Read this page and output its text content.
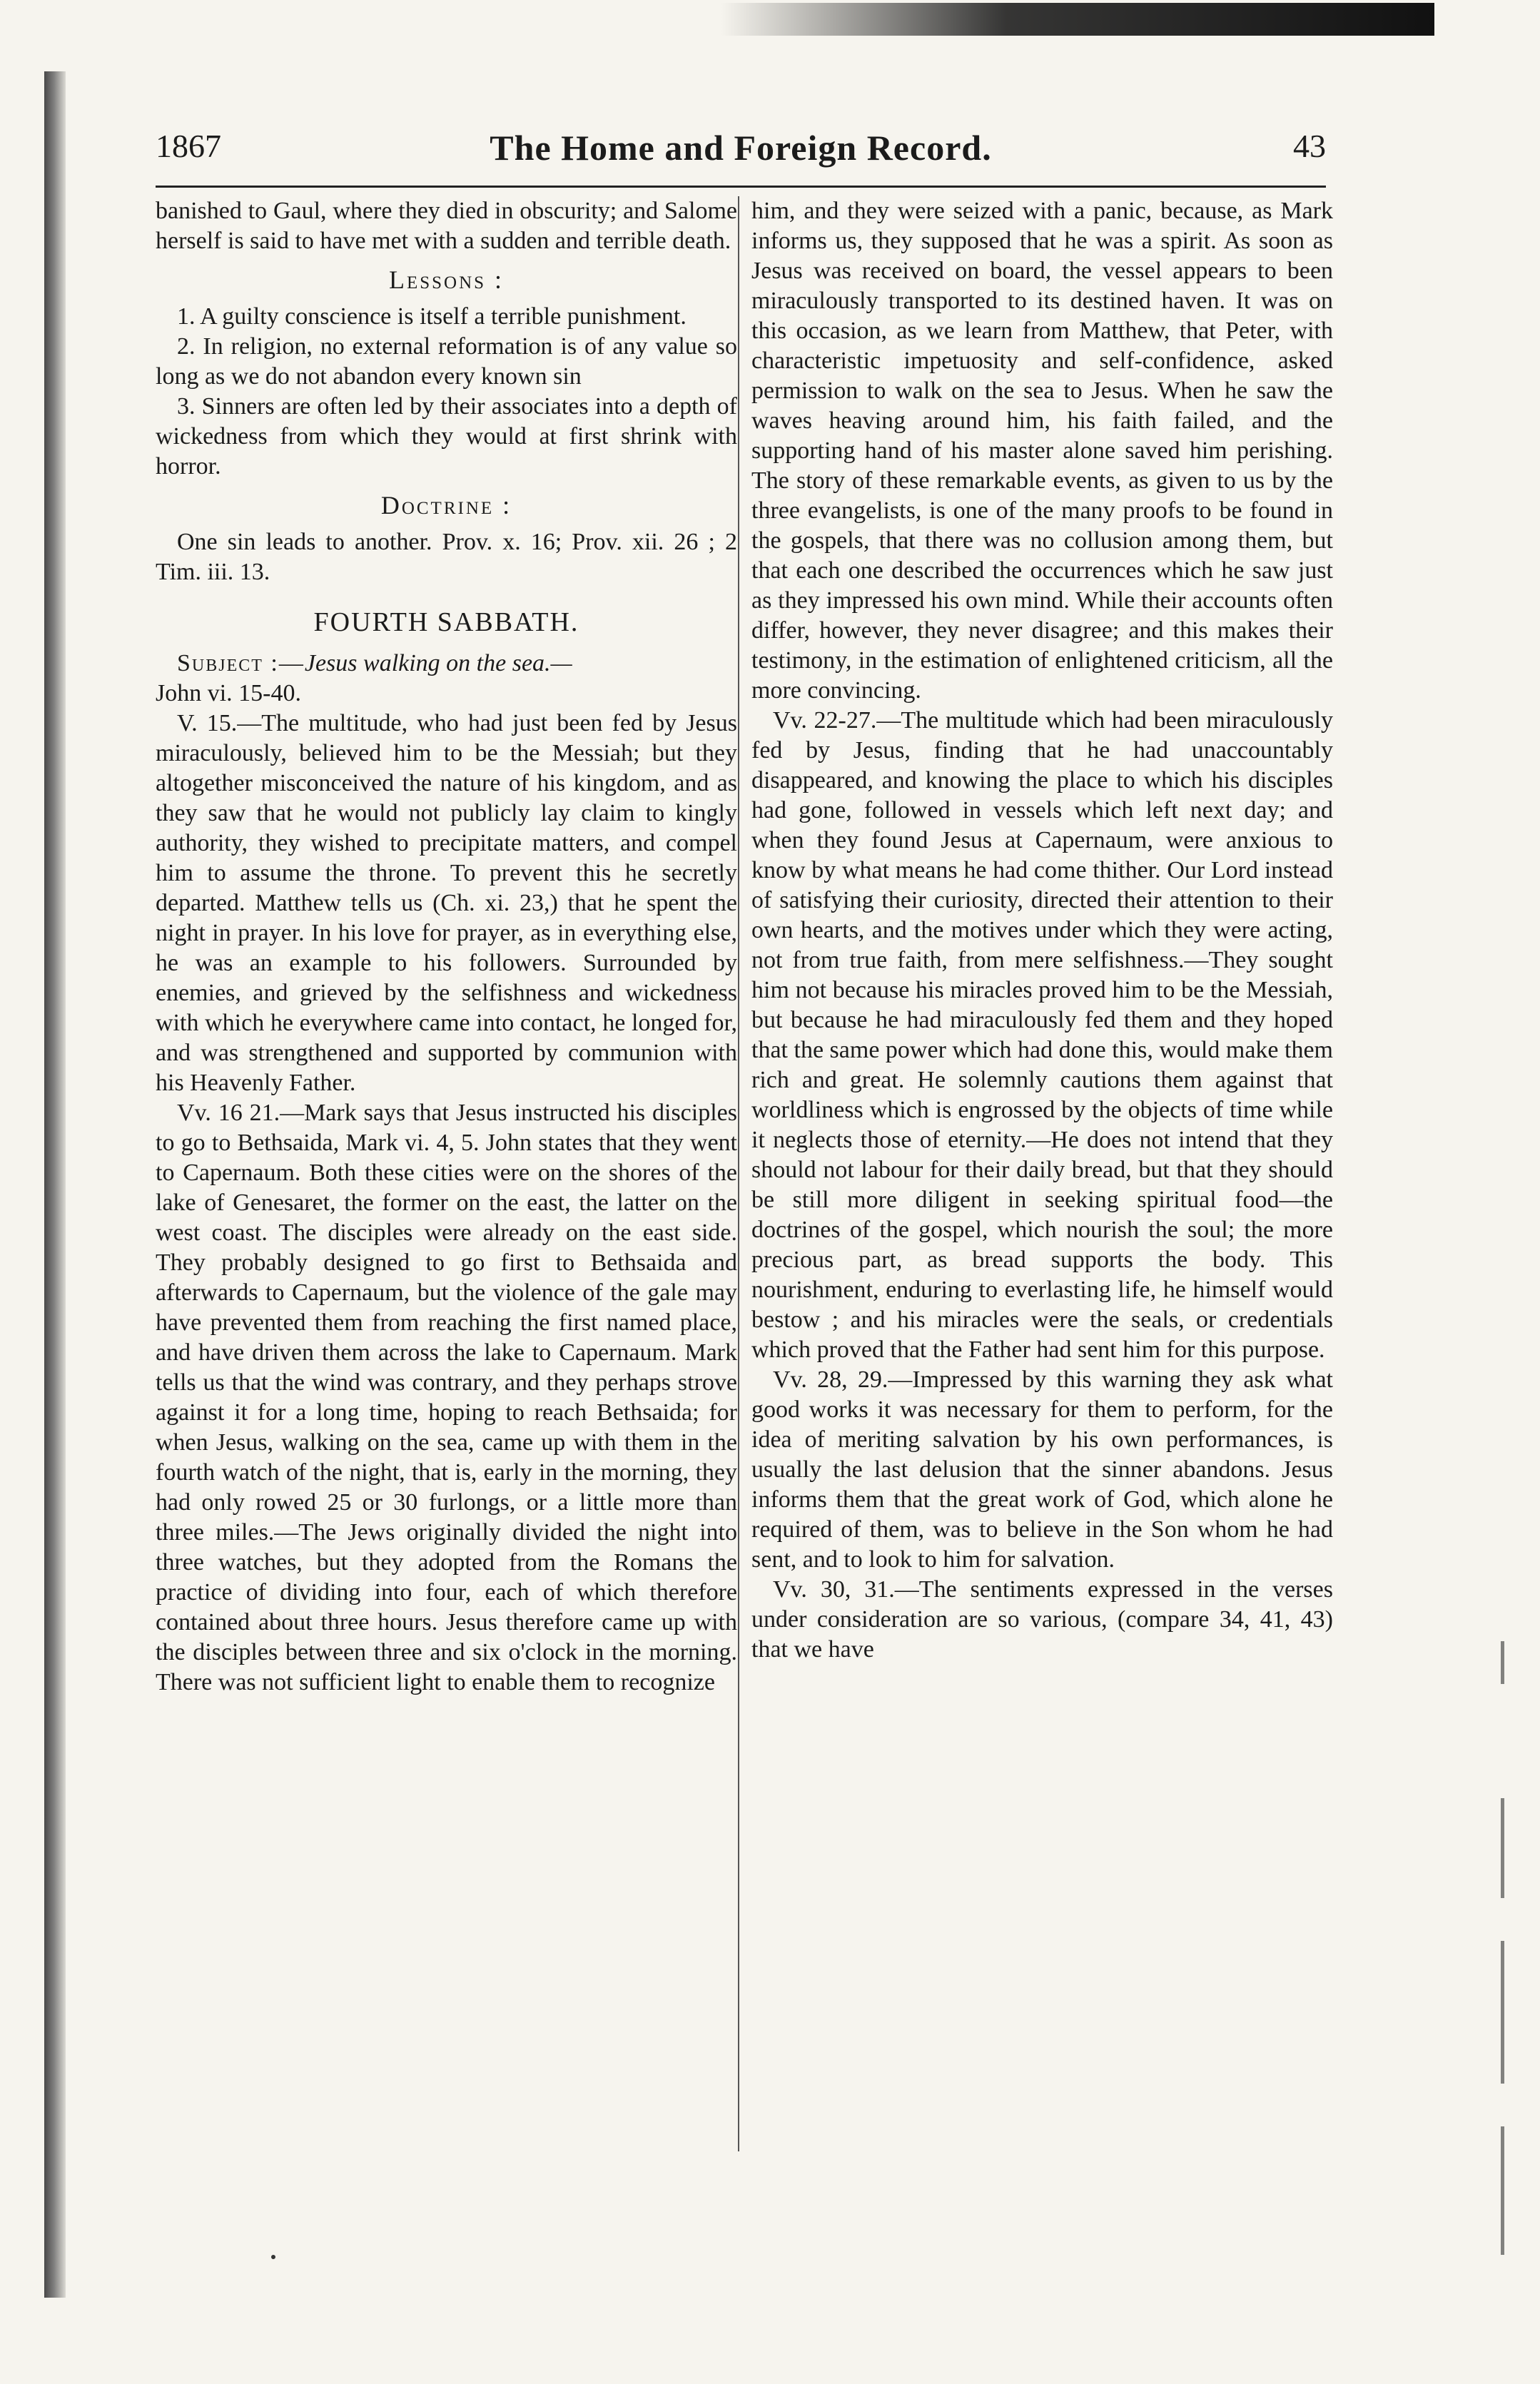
1867	The Home and Foreign Record.	43

banished to Gaul, where they died in obscurity; and Salome herself is said to have met with a sudden and terrible death.

Lessons :

1. A guilty conscience is itself a terrible punishment.

2. In religion, no external reformation is of any value so long as we do not abandon every known sin

3. Sinners are often led by their associates into a depth of wickedness from which they would at first shrink with horror.

Doctrine :

One sin leads to another. Prov. x. 16; Prov. xii. 26 ; 2 Tim. iii. 13.

FOURTH SABBATH.

Subject :—Jesus walking on the sea.—

John vi. 15-40.

V. 15.—The multitude, who had just been fed by Jesus miraculously, believed him to be the Messiah; but they altogether misconceived the nature of his kingdom, and as they saw that he would not publicly lay claim to kingly authority, they wished to precipitate matters, and compel him to assume the throne. To prevent this he secretly departed. Matthew tells us (Ch. xi. 23,) that he spent the night in prayer. In his love for prayer, as in everything else, he was an example to his followers. Surrounded by enemies, and grieved by the selfishness and wickedness with which he everywhere came into contact, he longed for, and was strengthened and supported by communion with his Heavenly Father.

Vv. 16 21.—Mark says that Jesus instructed his disciples to go to Bethsaida, Mark vi. 4, 5. John states that they went to Capernaum. Both these cities were on the shores of the lake of Genesaret, the former on the east, the latter on the west coast. The disciples were already on the east side. They probably designed to go first to Bethsaida and afterwards to Capernaum, but the violence of the gale may have prevented them from reaching the first named place, and have driven them across the lake to Capernaum. Mark tells us that the wind was contrary, and they perhaps strove against it for a long time, hoping to reach Bethsaida; for when Jesus, walking on the sea, came up with them in the fourth watch of the night, that is, early in the morning, they had only rowed 25 or 30 furlongs, or a little more than three miles.—The Jews originally divided the night into three watches, but they adopted from the Romans the practice of dividing into four, each of which therefore contained about three hours. Jesus therefore came up with the disciples between three and six o'clock in the morning. There was not sufficient light to enable them to recognize

him, and they were seized with a panic, because, as Mark informs us, they supposed that he was a spirit. As soon as Jesus was received on board, the vessel appears to been miraculously transported to its destined haven. It was on this occasion, as we learn from Matthew, that Peter, with characteristic impetuosity and self-confidence, asked permission to walk on the sea to Jesus. When he saw the waves heaving around him, his faith failed, and the supporting hand of his master alone saved him perishing. The story of these remarkable events, as given to us by the three evangelists, is one of the many proofs to be found in the gospels, that there was no collusion among them, but that each one described the occurrences which he saw just as they impressed his own mind. While their accounts often differ, however, they never disagree; and this makes their testimony, in the estimation of enlightened criticism, all the more convincing.

Vv. 22-27.—The multitude which had been miraculously fed by Jesus, finding that he had unaccountably disappeared, and knowing the place to which his disciples had gone, followed in vessels which left next day; and when they found Jesus at Capernaum, were anxious to know by what means he had come thither. Our Lord instead of satisfying their curiosity, directed their attention to their own hearts, and the motives under which they were acting, not from true faith, from mere selfishness.—They sought him not because his miracles proved him to be the Messiah, but because he had miraculously fed them and they hoped that the same power which had done this, would make them rich and great. He solemnly cautions them against that worldliness which is engrossed by the objects of time while it neglects those of eternity.—He does not intend that they should not labour for their daily bread, but that they should be still more diligent in seeking spiritual food—the doctrines of the gospel, which nourish the soul; the more precious part, as bread supports the body. This nourishment, enduring to everlasting life, he himself would bestow ; and his miracles were the seals, or credentials which proved that the Father had sent him for this purpose.

Vv. 28, 29.—Impressed by this warning they ask what good works it was necessary for them to perform, for the idea of meriting salvation by his own performances, is usually the last delusion that the sinner abandons. Jesus informs them that the great work of God, which alone he required of them, was to believe in the Son whom he had sent, and to look to him for salvation.

Vv. 30, 31.—The sentiments expressed in the verses under consideration are so various, (compare 34, 41, 43) that we have
